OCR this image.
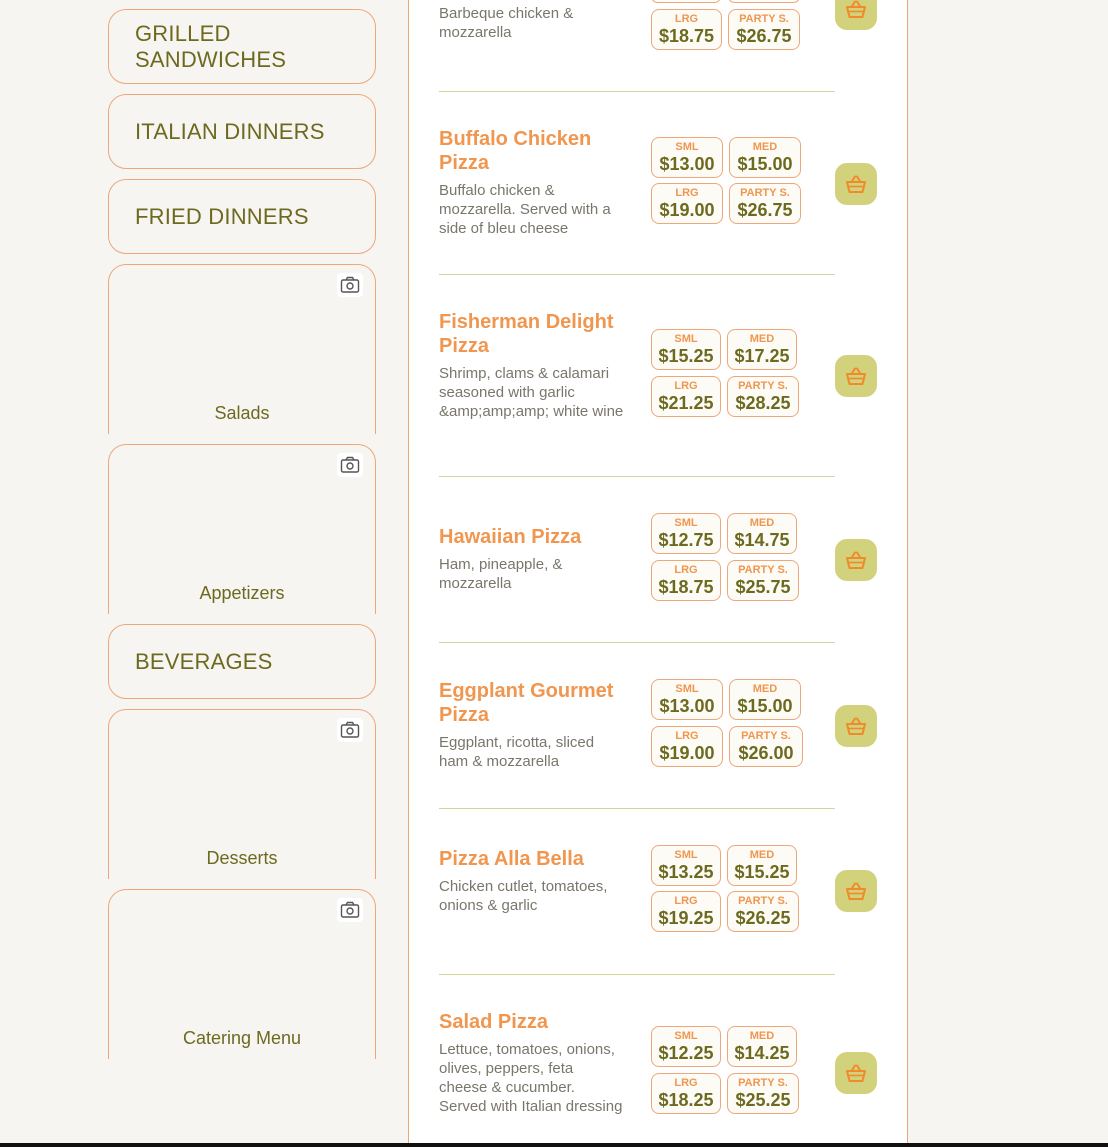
GRILLED SANDWICHES
ITALIAN DINNERS
FRIED DINNERS
Salads
Appetizers
BEVERAGES
Desserts
Catering Menu
Barbeque chicken & mozzarella
LRG
$18.75
PARTY S.
$26.75
Buffalo Chicken Pizza
Buffalo chicken & mozzarella. Served with a side of bleu cheese
SML
$13.00
MED
$15.00
LRG
$19.00
PARTY S.
$26.75
Fisherman Delight Pizza
Shrimp, clams & calamari seasoned with garlic &amp;amp;amp; white wine
SML
$15.25
MED
$17.25
LRG
$21.25
PARTY S.
$28.25
Hawaiian Pizza
Ham, pineapple, & mozzarella
SML
$12.75
MED
$14.75
LRG
$18.75
PARTY S.
$25.75
Eggplant Gourmet Pizza
Eggplant, ricotta, sliced ham & mozzarella
SML
$13.00
MED
$15.00
LRG
$19.00
PARTY S.
$26.00
Pizza Alla Bella
Chicken cutlet, tomatoes, onions & garlic
SML
$13.25
MED
$15.25
LRG
$19.25
PARTY S.
$26.25
Salad Pizza
Lettuce, tomatoes, onions, olives, peppers, feta cheese & cucumber. Served with Italian dressing
SML
$12.25
MED
$14.25
LRG
$18.25
PARTY S.
$25.25
